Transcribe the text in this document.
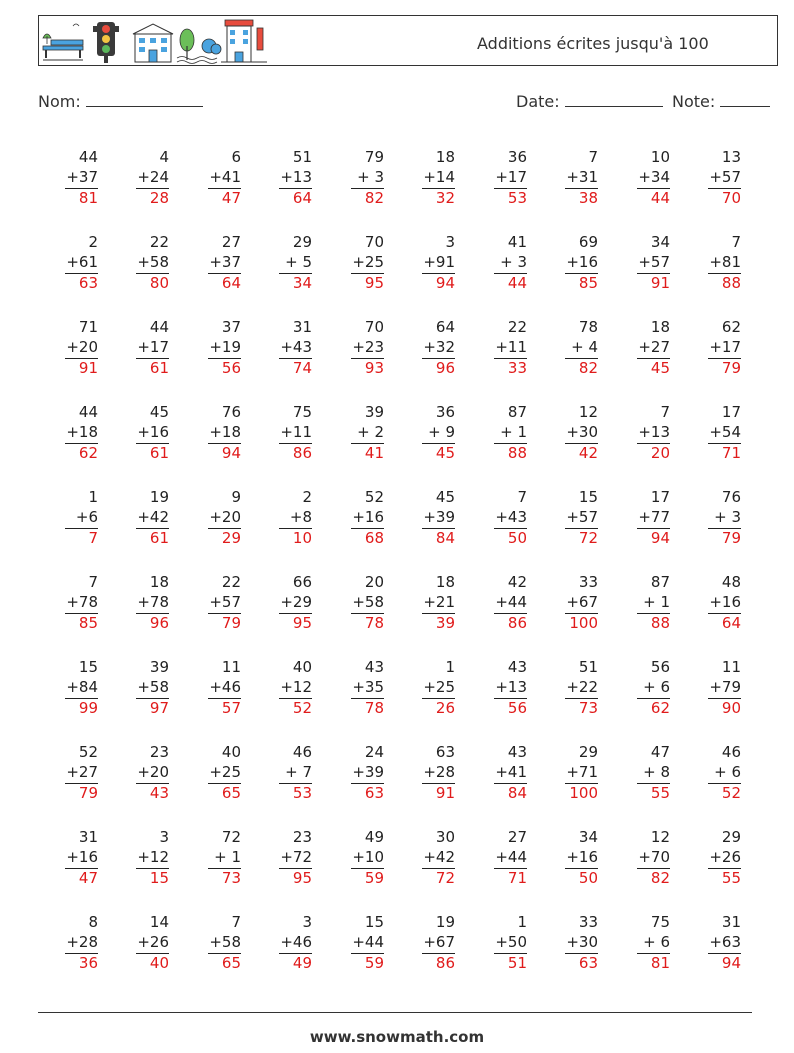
Additions écrites jusqu'à 100
Nom:	Date:	Note:
44
+37
81
4
+24
28
6
+41
47
51
+13
64
79
+ 3
82
18
+14
32
36
+17
53
7
+31
38
10
+34
44
13
+57
70
2
+61
63
22
+58
80
27
+37
64
29
+ 5
34
70
+25
95
3
+91
94
41
+ 3
44
69
+16
85
34
+57
91
7
+81
88
71
+20
91
44
+17
61
37
+19
56
31
+43
74
70
+23
93
64
+32
96
22
+11
33
78
+ 4
82
18
+27
45
62
+17
79
44
+18
62
45
+16
61
76
+18
94
75
+11
86
39
+ 2
41
36
+ 9
45
87
+ 1
88
12
+30
42
7
+13
20
17
+54
71
1
+6
7
19
+42
61
9
+20
29
2
+8
10
52
+16
68
45
+39
84
7
+43
50
15
+57
72
17
+77
94
76
+ 3
79
7
+78
85
18
+78
96
22
+57
79
66
+29
95
20
+58
78
18
+21
39
42
+44
86
33
+67
100
87
+ 1
88
48
+16
64
15
+84
99
39
+58
97
11
+46
57
40
+12
52
43
+35
78
1
+25
26
43
+13
56
51
+22
73
56
+ 6
62
11
+79
90
52
+27
79
23
+20
43
40
+25
65
46
+ 7
53
24
+39
63
63
+28
91
43
+41
84
29
+71
100
47
+ 8
55
46
+ 6
52
31
+16
47
3
+12
15
72
+ 1
73
23
+72
95
49
+10
59
30
+42
72
27
+44
71
34
+16
50
12
+70
82
29
+26
55
8
+28
36
14
+26
40
7
+58
65
3
+46
49
15
+44
59
19
+67
86
1
+50
51
33
+30
63
75
+ 6
81
31
+63
94
www.snowmath.com
